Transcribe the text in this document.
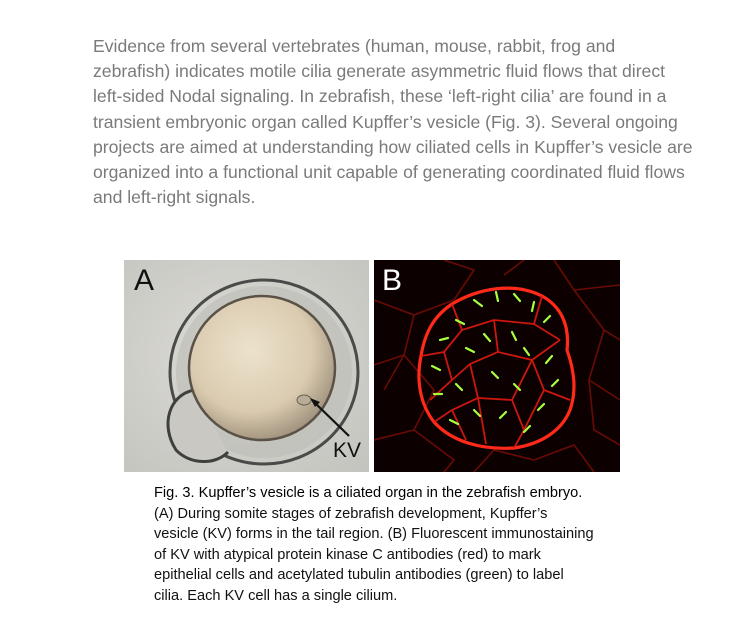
Evidence from several vertebrates (human, mouse, rabbit, frog and zebrafish) indicates motile cilia generate asymmetric fluid flows that direct left-sided Nodal signaling. In zebrafish, these ‘left-right cilia’ are found in a transient embryonic organ called Kupffer’s vesicle (Fig. 3). Several ongoing projects are aimed at understanding how ciliated cells in Kupffer’s vesicle are organized into a functional unit capable of generating coordinated fluid flows and left-right signals.

A
KV
B

Fig. 3. Kupffer’s vesicle is a ciliated organ in the zebrafish embryo. (A) During somite stages of zebrafish development, Kupffer’s vesicle (KV) forms in the tail region. (B) Fluorescent immunostaining of KV with atypical protein kinase C antibodies (red) to mark epithelial cells and acetylated tubulin antibodies (green) to label cilia. Each KV cell has a single cilium.
